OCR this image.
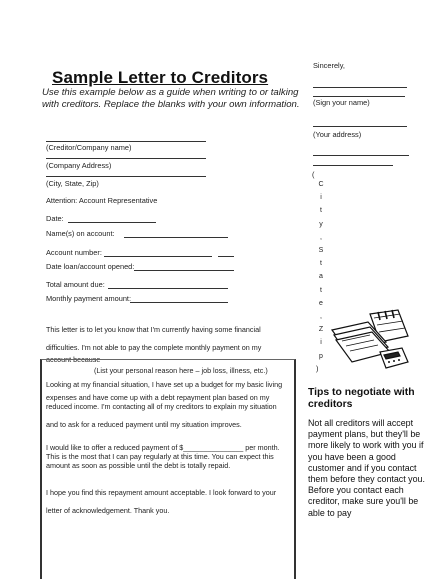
Sample Letter to Creditors
Use this example below as a guide when writing to or talking
with creditors. Replace the blanks with your own information.
(Creditor/Company name)
(Company Address)
(City, State, Zip)
Attention: Account Representative
Date:
Name(s) on account:
Account number:
Date loan/account opened:
Total amount due:
Monthly payment amount:
This letter is to let you know that I'm currently having some financial
difficulties. I'm not able to pay the complete monthly payment on my
account because
(List your personal reason here – job loss, illness, etc.)
Looking at my financial situation, I have set up a budget for my basic living
expenses and have come up with a debt repayment plan based on my
reduced income. I'm contacting all of my creditors to explain my situation
and to ask for a reduced payment until my situation improves.
I would like to offer a reduced payment of $_______________ per month.
This is the most that I can pay regularly at this time. You can expect this
amount as soon as possible until the debt is totally repaid.
I hope you find this repayment amount acceptable. I look forward to your
letter of acknowledgement. Thank you.
Sincerely,
(Sign your name)
(Your address)
(
C
i
t
y
,
S
t
a
t
e
,
Z
i
p
)
Tips to negotiate with creditors
Not all creditors will accept payment plans, but they'll be more likely to work with you if you have been a good customer and if you contact them before they contact you. Before you contact each creditor, make sure you'll be able to pay
